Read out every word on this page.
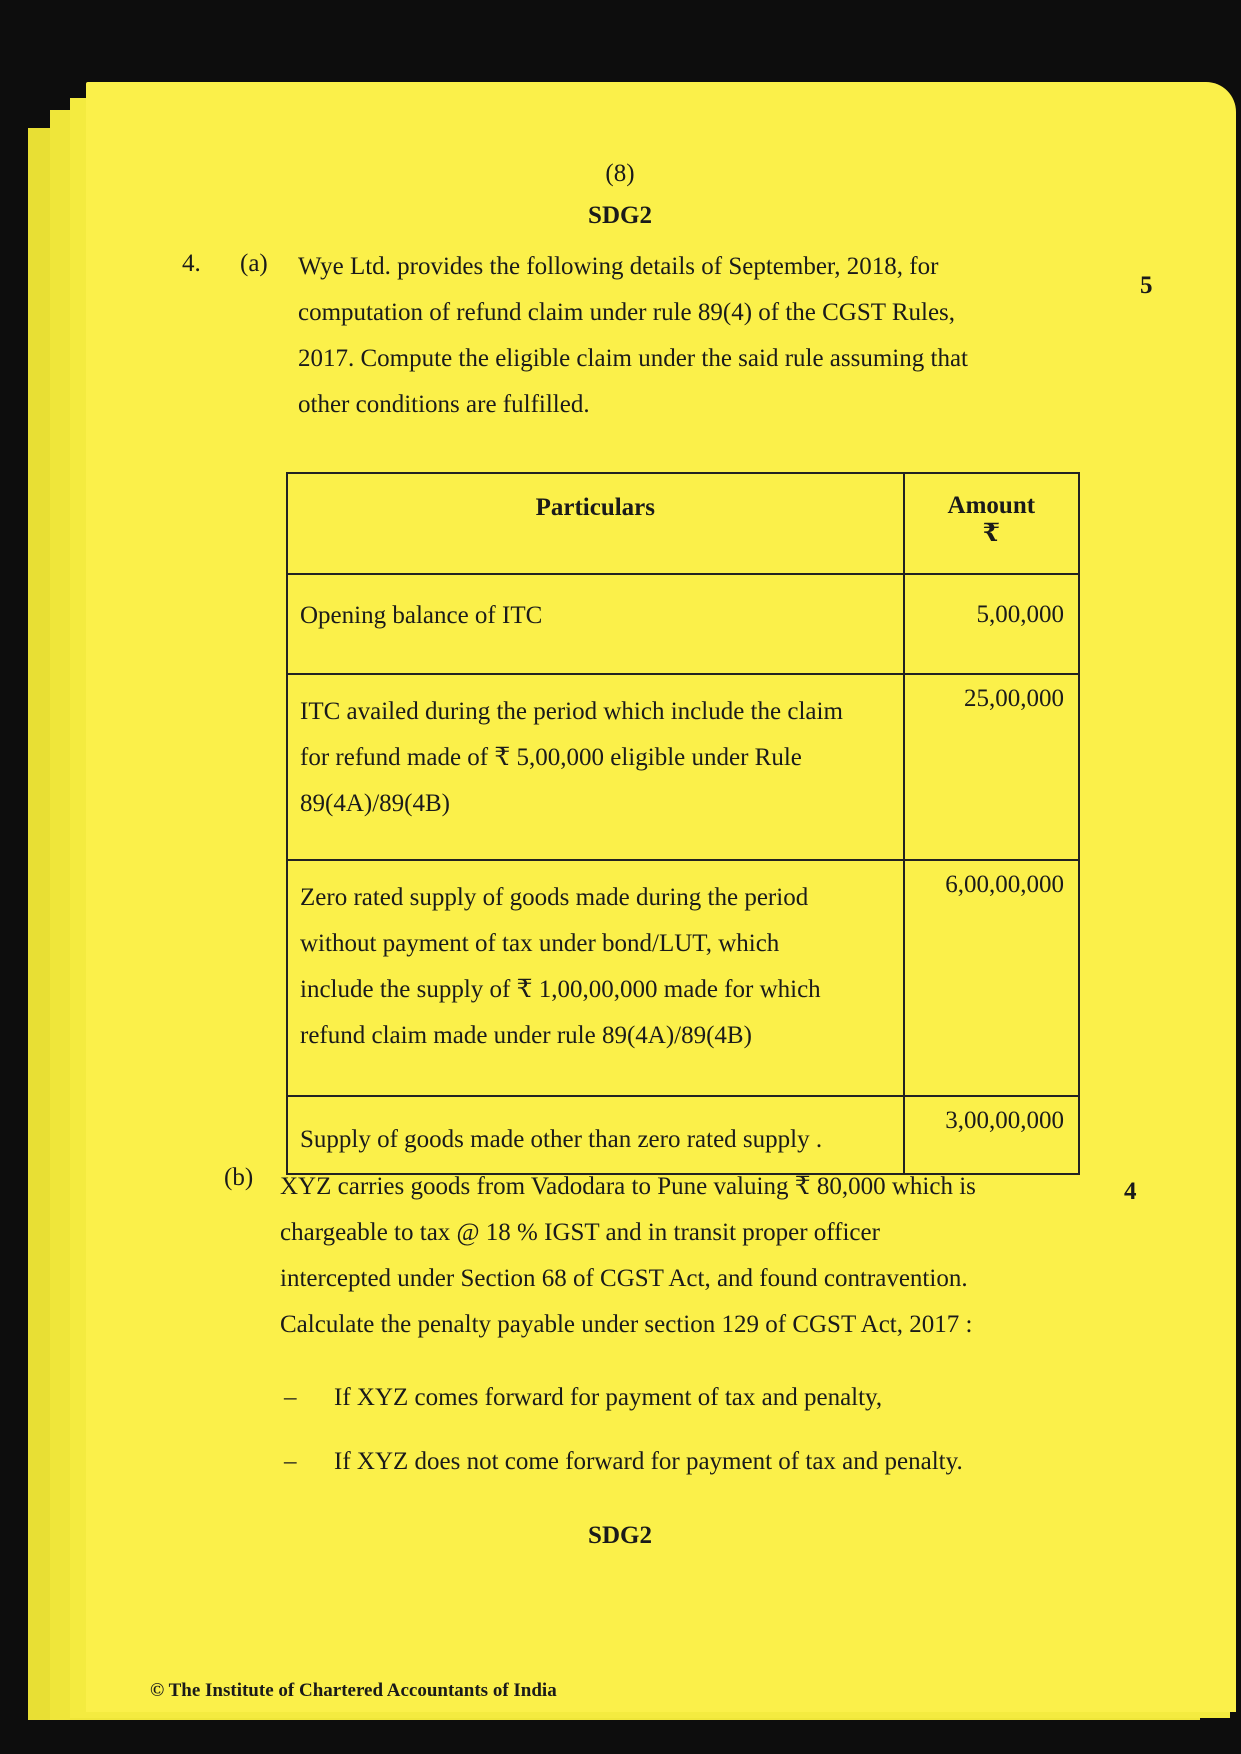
(8)
SDG2
4. (a)
5
Wye Ltd. provides the following details of September, 2018, for
computation of refund claim under rule 89(4) of the CGST Rules,
2017. Compute the eligible claim under the said rule assuming that
other conditions are fulfilled.
Particulars	Amount
₹

Opening balance of ITC	5,00,000

ITC availed during the period which include the claim
for refund made of ₹ 5,00,000 eligible under Rule
89(4A)/89(4B)	25,00,000

Zero rated supply of goods made during the period
without payment of tax under bond/LUT, which
include the supply of ₹ 1,00,00,000 made for which
refund claim made under rule 89(4A)/89(4B)	6,00,00,000

Supply of goods made other than zero rated supply .	3,00,00,000
(b)
4
XYZ carries goods from Vadodara to Pune valuing ₹ 80,000 which is
chargeable to tax @ 18 % IGST and in transit proper officer
intercepted under Section 68 of CGST Act, and found contravention.
Calculate the penalty payable under section 129 of CGST Act, 2017 :
– If XYZ comes forward for payment of tax and penalty,
– If XYZ does not come forward for payment of tax and penalty.
SDG2
© The Institute of Chartered Accountants of India
